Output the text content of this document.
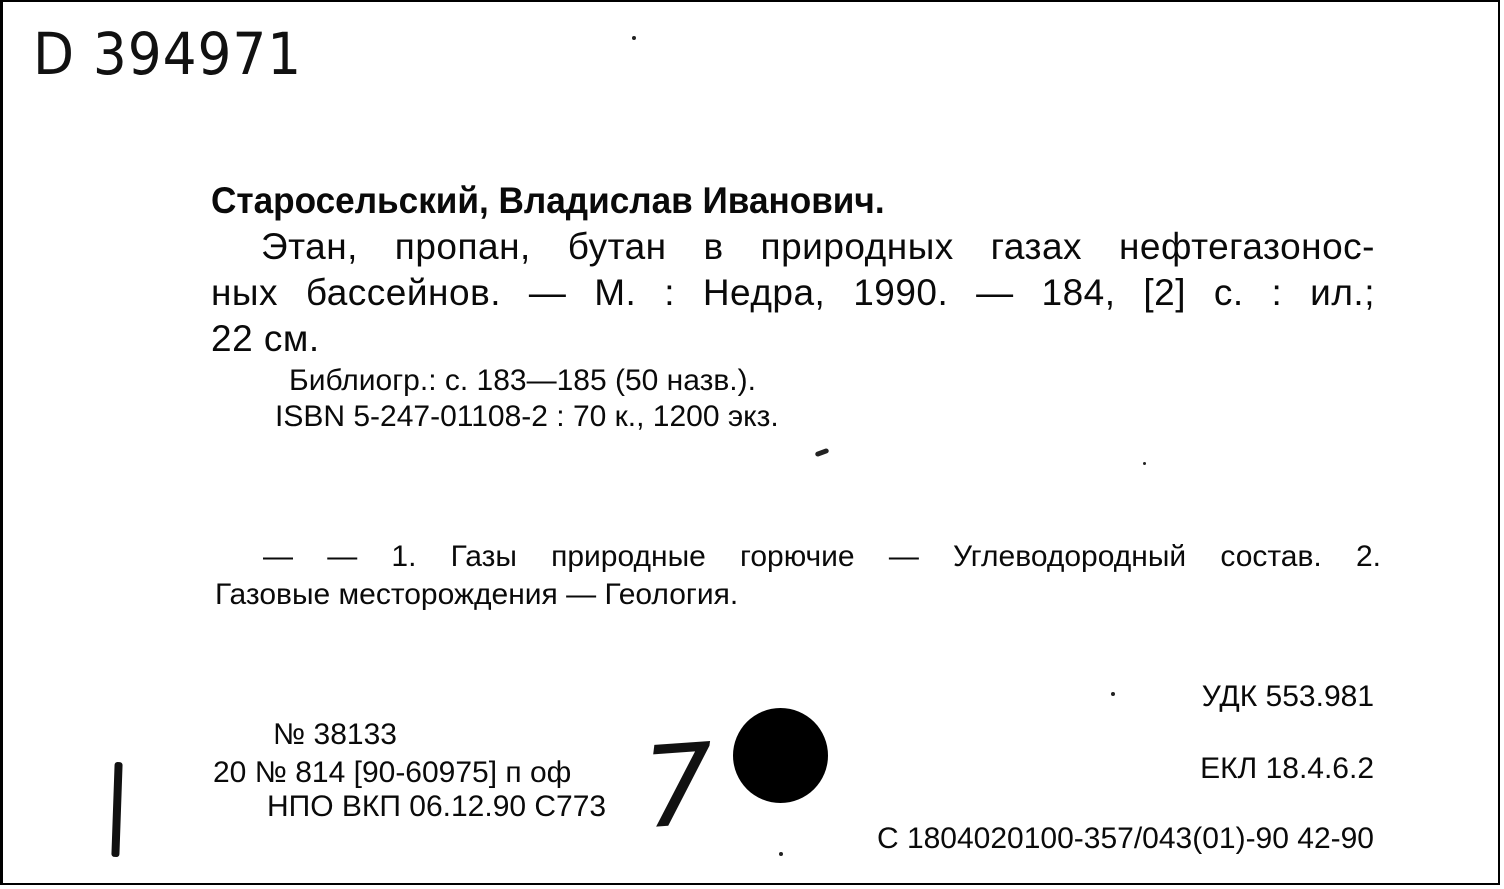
D 394971
Старосельский, Владислав Иванович.
Этан, пропан, бутан в природных газах нефтегазонос-
ных бассейнов. — М. : Недра, 1990. — 184, [2] с. : ил.;
22 см.
Библиогр.: с. 183—185 (50 назв.).
ISBN 5-247-01108-2 : 70 к., 1200 экз.
— — 1. Газы природные горючие — Углеводородный состав. 2.
Газовые месторождения — Геология.
УДК 553.981
ЕКЛ 18.4.6.2
С 1804020100-357/043(01)-90 42-90
№ 38133
20 № 814 [90-60975] п оф
НПО ВКП 06.12.90 С773 7
